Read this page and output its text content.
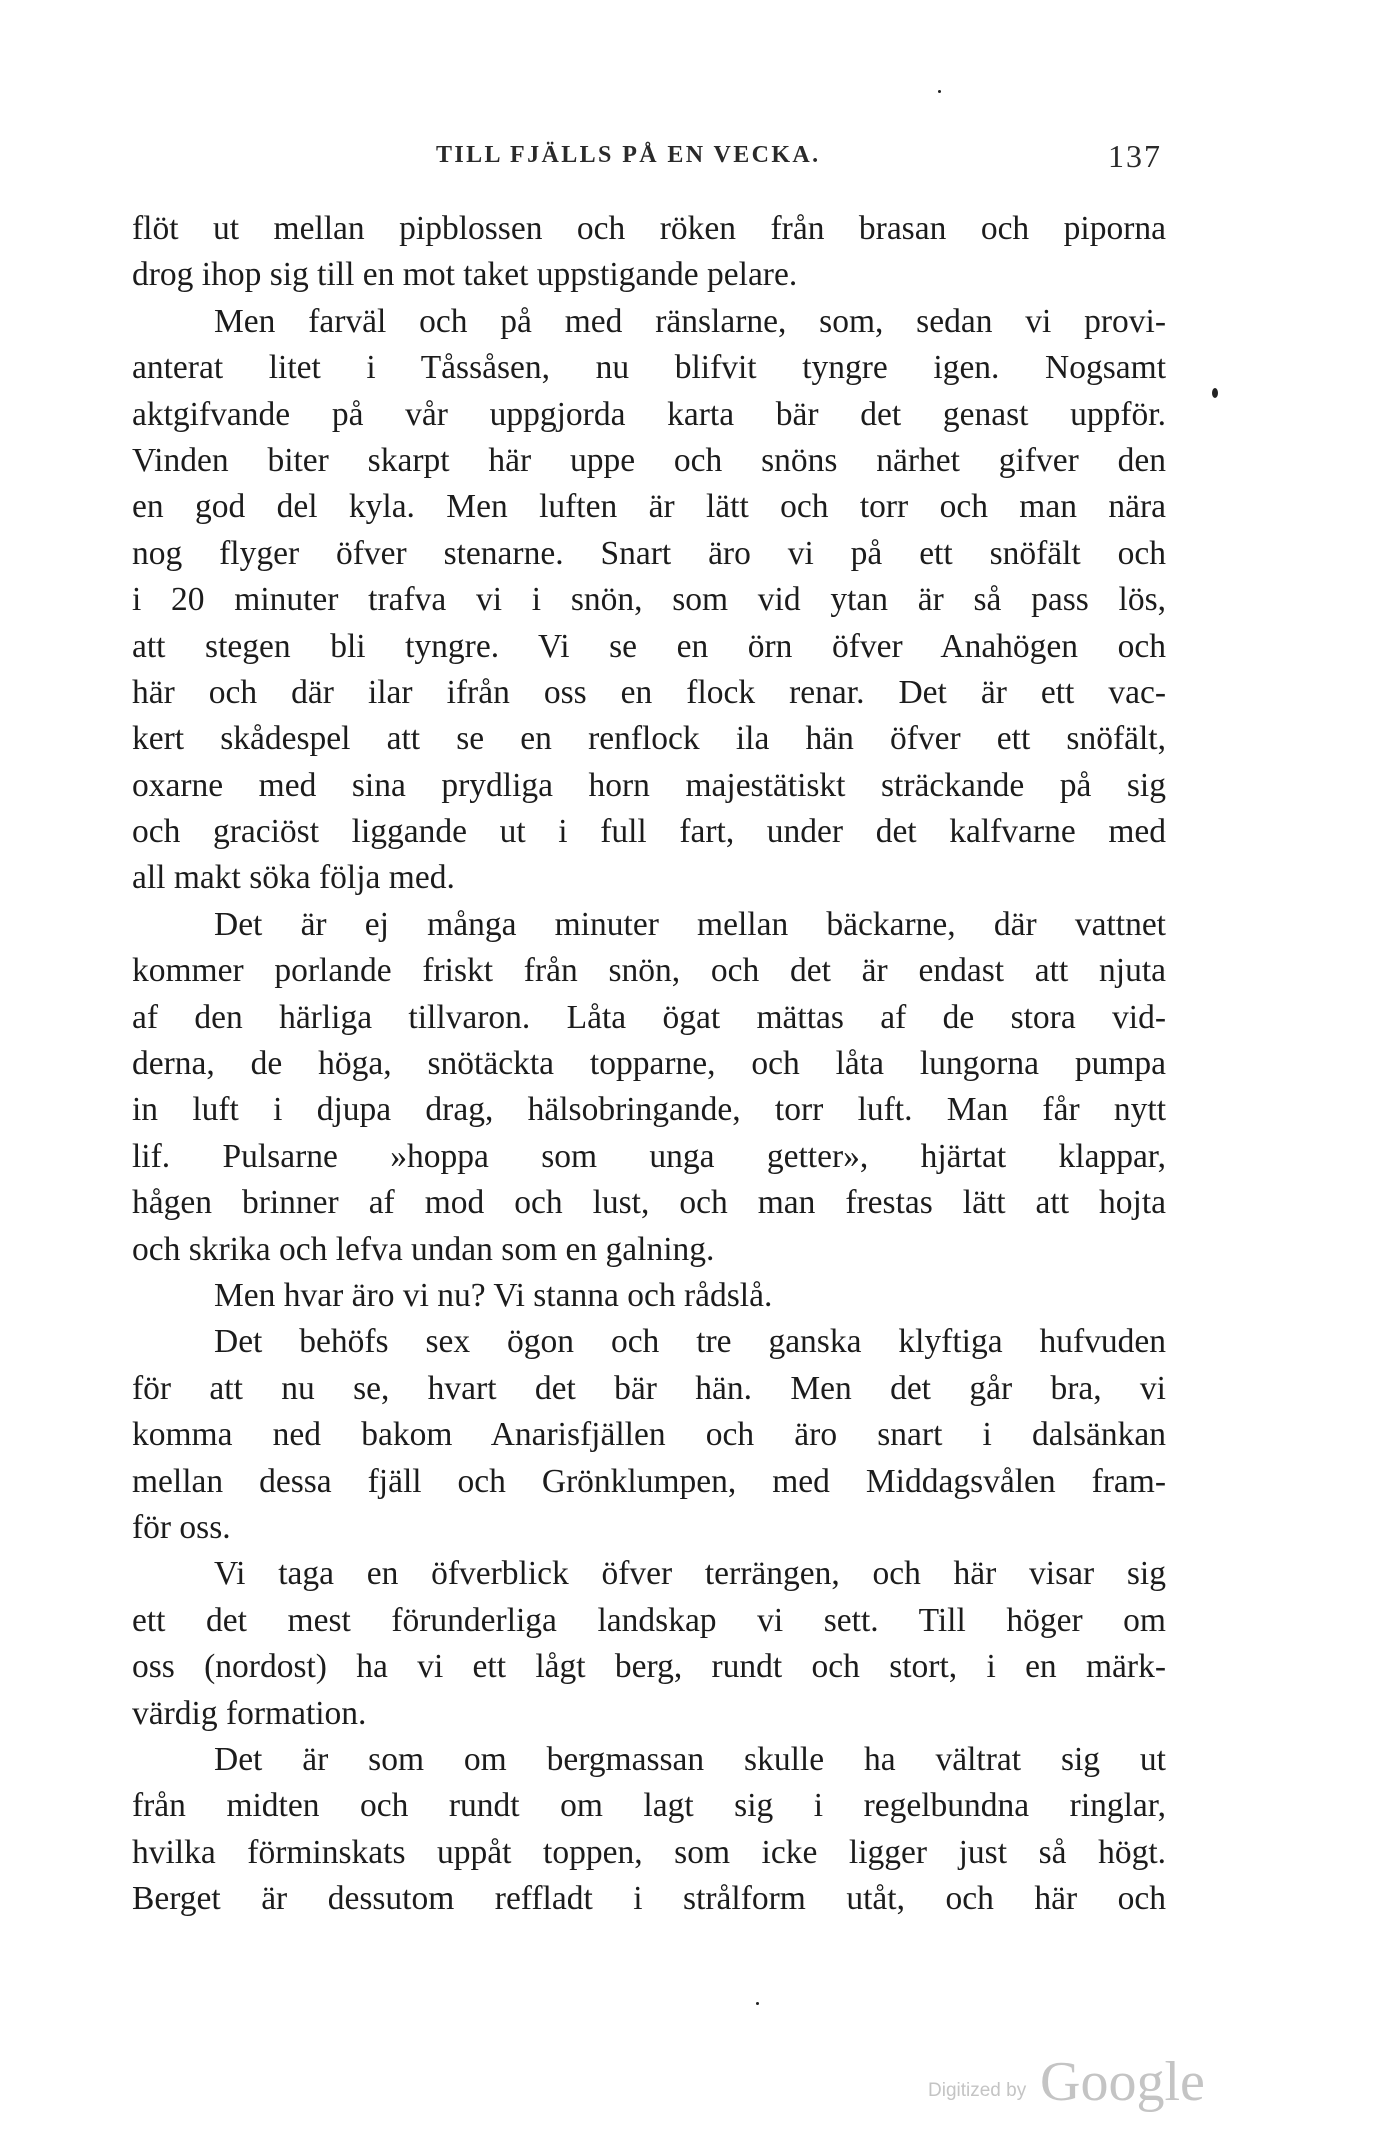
TILL FJÄLLS PÅ EN VECKA.	137
flöt ut mellan pipblossen och röken från brasan och piporna
drog ihop sig till en mot taket uppstigande pelare.
Men farväl och på med ränslarne, som, sedan vi provi-
anterat litet i Tåssåsen, nu blifvit tyngre igen. Nogsamt
aktgifvande på vår uppgjorda karta bär det genast uppför.
Vinden biter skarpt här uppe och snöns närhet gifver den
en god del kyla. Men luften är lätt och torr och man nära
nog flyger öfver stenarne. Snart äro vi på ett snöfält och
i 20 minuter trafva vi i snön, som vid ytan är så pass lös,
att stegen bli tyngre. Vi se en örn öfver Anahögen och
här och där ilar ifrån oss en flock renar. Det är ett vac-
kert skådespel att se en renflock ila hän öfver ett snöfält,
oxarne med sina prydliga horn majestätiskt sträckande på sig
och graciöst liggande ut i full fart, under det kalfvarne med
all makt söka följa med.
Det är ej många minuter mellan bäckarne, där vattnet
kommer porlande friskt från snön, och det är endast att njuta
af den härliga tillvaron. Låta ögat mättas af de stora vid-
derna, de höga, snötäckta topparne, och låta lungorna pumpa
in luft i djupa drag, hälsobringande, torr luft. Man får nytt
lif. Pulsarne »hoppa som unga getter», hjärtat klappar,
hågen brinner af mod och lust, och man frestas lätt att hojta
och skrika och lefva undan som en galning.
Men hvar äro vi nu? Vi stanna och rådslå.
Det behöfs sex ögon och tre ganska klyftiga hufvuden
för att nu se, hvart det bär hän. Men det går bra, vi
komma ned bakom Anarisfjällen och äro snart i dalsänkan
mellan dessa fjäll och Grönklumpen, med Middagsvålen fram-
för oss.
Vi taga en öfverblick öfver terrängen, och här visar sig
ett det mest förunderliga landskap vi sett. Till höger om
oss (nordost) ha vi ett lågt berg, rundt och stort, i en märk-
värdig formation.
Det är som om bergmassan skulle ha vältrat sig ut
från midten och rundt om lagt sig i regelbundna ringlar,
hvilka förminskats uppåt toppen, som icke ligger just så högt.
Berget är dessutom reffladt i strålform utåt, och här och
Digitized by Google
